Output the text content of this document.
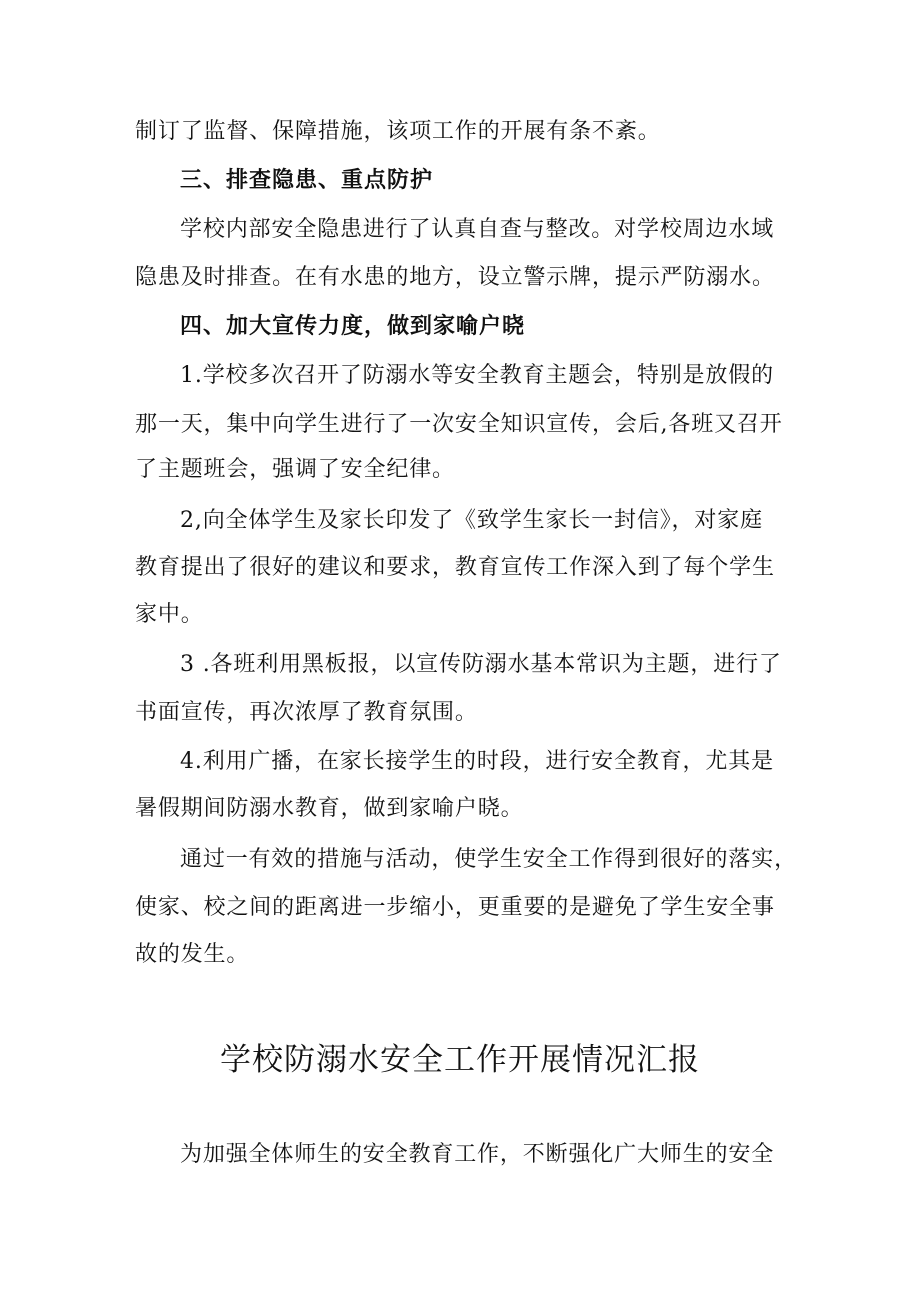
制订了监督、保障措施，该项工作的开展有条不紊。
三、排查隐患、重点防护
学校内部安全隐患进行了认真自查与整改。对学校周边水域
隐患及时排查。在有水患的地方，设立警示牌，提示严防溺水。
四、加大宣传力度，做到家喻户晓
1.学校多次召开了防溺水等安全教育主题会，特别是放假的
那一天，集中向学生进行了一次安全知识宣传，会后,各班又召开
了主题班会，强调了安全纪律。
2,向全体学生及家长印发了《致学生家长一封信》，对家庭
教育提出了很好的建议和要求，教育宣传工作深入到了每个学生
家中。
3 .各班利用黑板报，以宣传防溺水基本常识为主题，进行了
书面宣传，再次浓厚了教育氛围。
4.利用广播，在家长接学生的时段，进行安全教育，尤其是
暑假期间防溺水教育，做到家喻户晓。
通过一有效的措施与活动，使学生安全工作得到很好的落实，
使家、校之间的距离进一步缩小，更重要的是避免了学生安全事
故的发生。
学校防溺水安全工作开展情况汇报
为加强全体师生的安全教育工作，不断强化广大师生的安全
